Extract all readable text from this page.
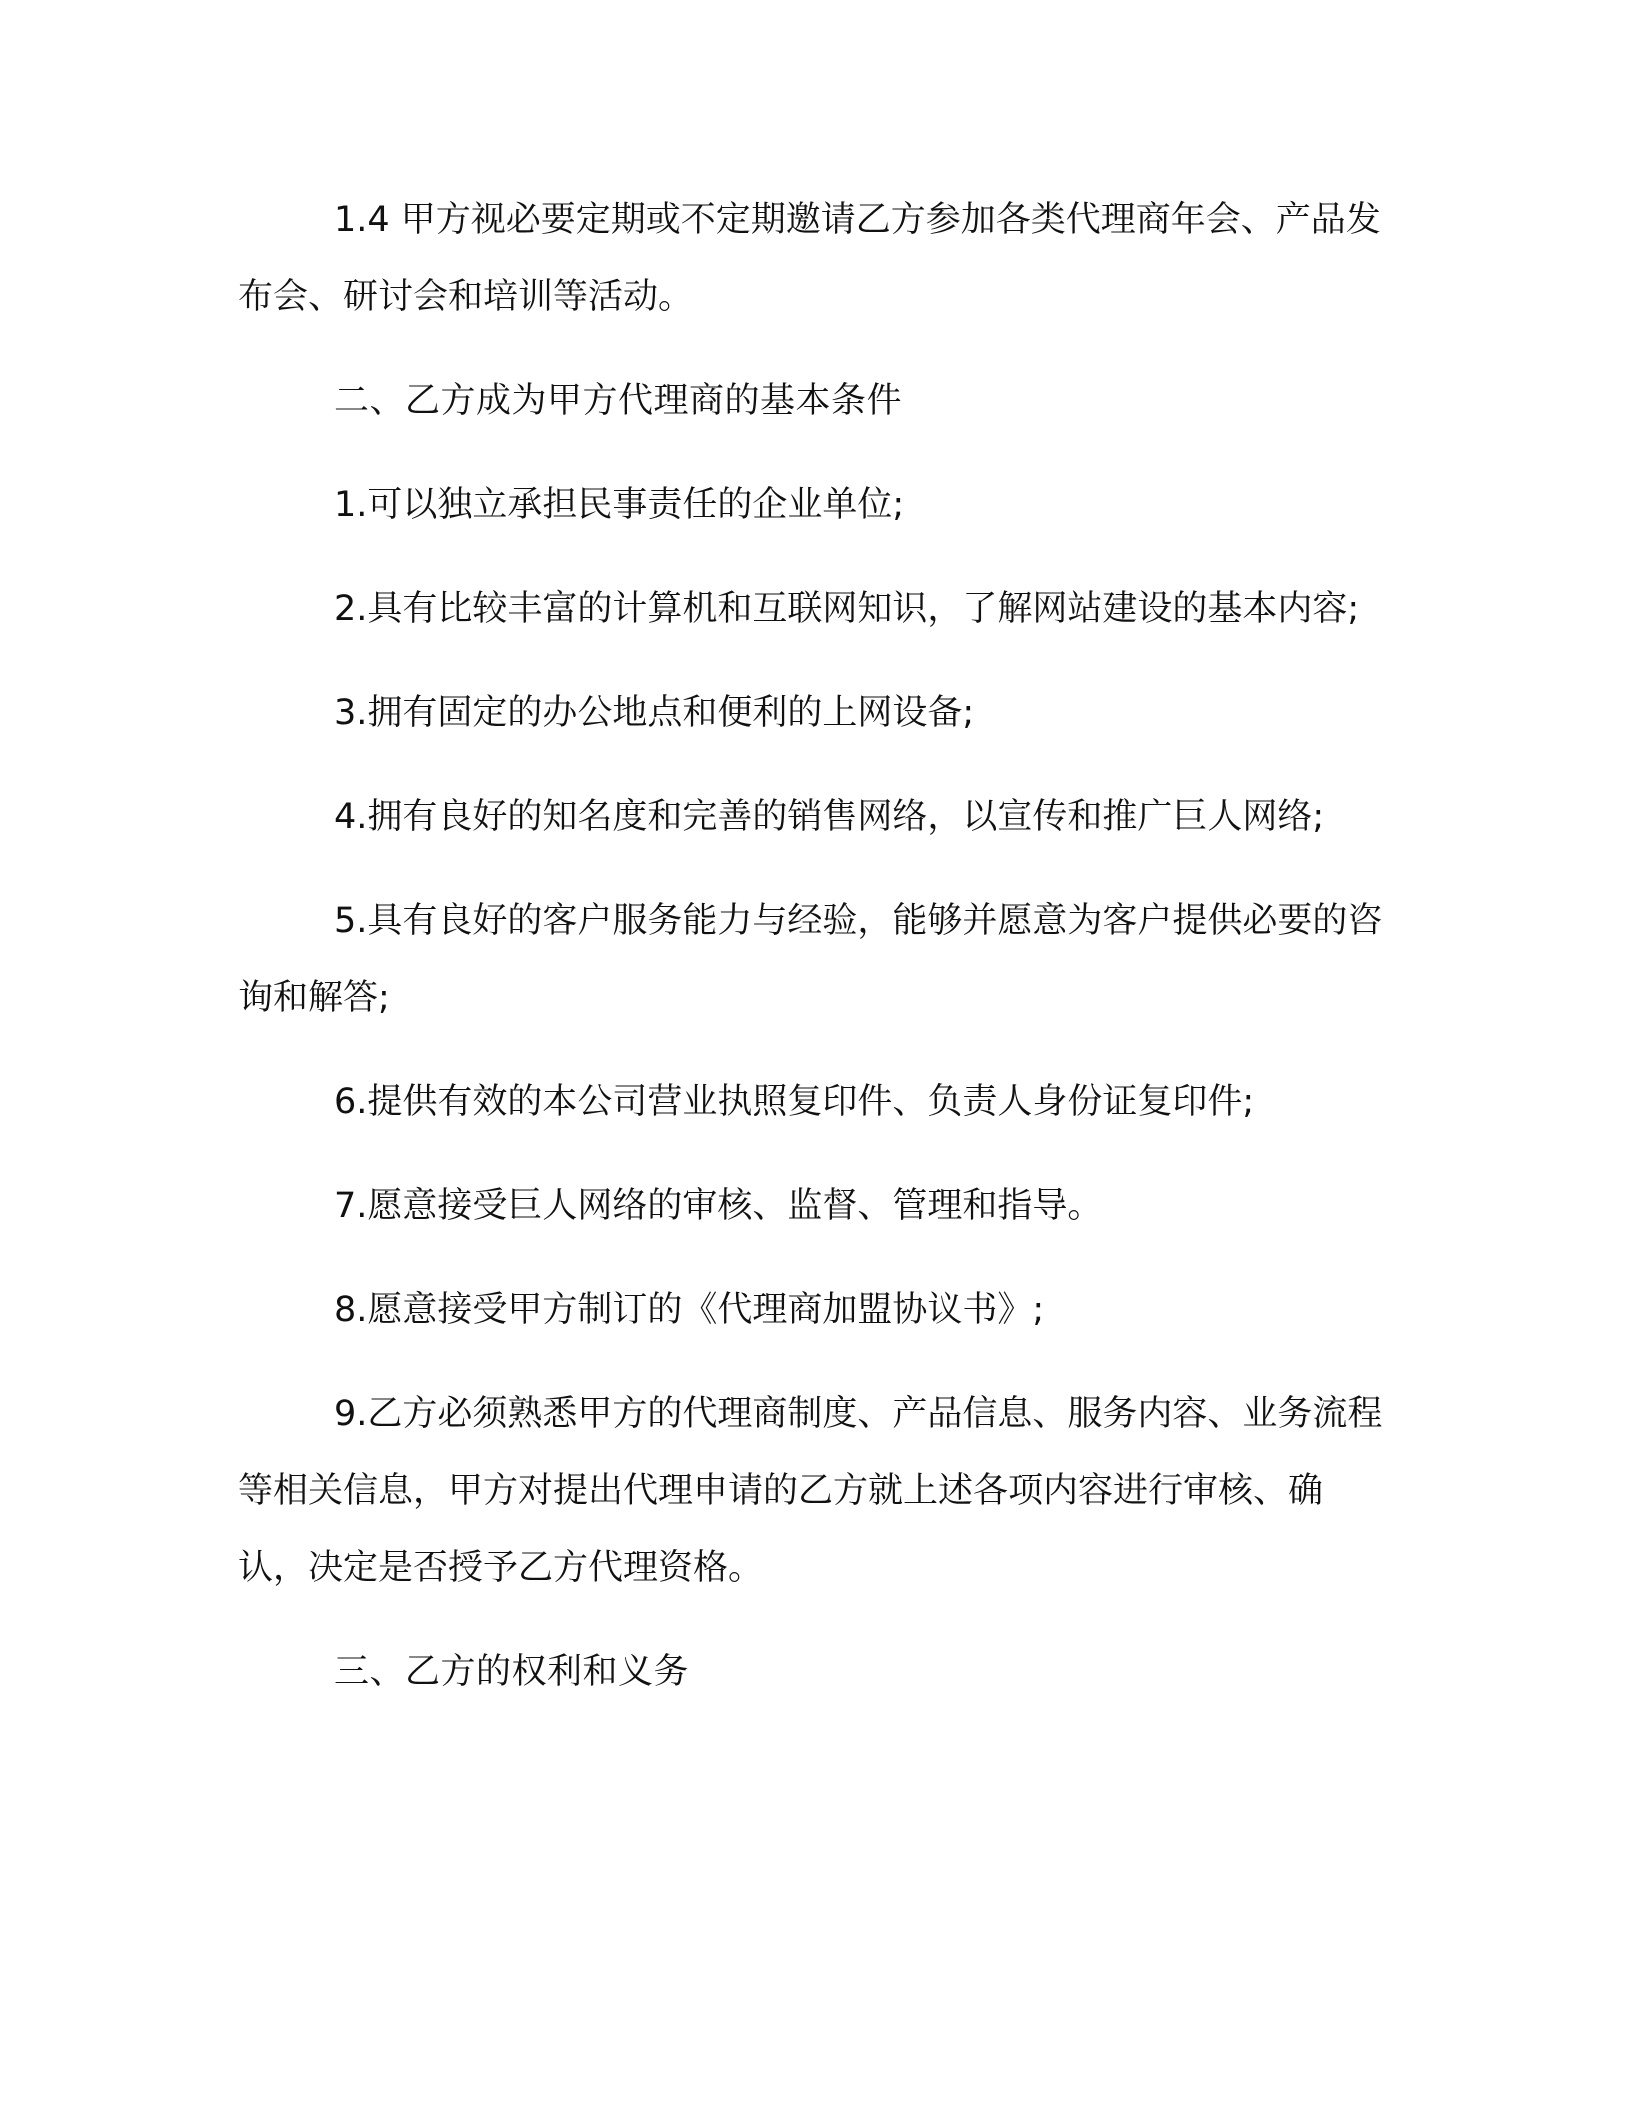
1.4 甲方视必要定期或不定期邀请乙方参加各类代理商年会、产品发布会、研讨会和培训等活动。

二、乙方成为甲方代理商的基本条件

1.可以独立承担民事责任的企业单位;

2.具有比较丰富的计算机和互联网知识，了解网站建设的基本内容;

3.拥有固定的办公地点和便利的上网设备;

4.拥有良好的知名度和完善的销售网络，以宣传和推广巨人网络;

5.具有良好的客户服务能力与经验，能够并愿意为客户提供必要的咨询和解答;

6.提供有效的本公司营业执照复印件、负责人身份证复印件;

7.愿意接受巨人网络的审核、监督、管理和指导。

8.愿意接受甲方制订的《代理商加盟协议书》;

9.乙方必须熟悉甲方的代理商制度、产品信息、服务内容、业务流程等相关信息，甲方对提出代理申请的乙方就上述各项内容进行审核、确认，决定是否授予乙方代理资格。

三、乙方的权利和义务
